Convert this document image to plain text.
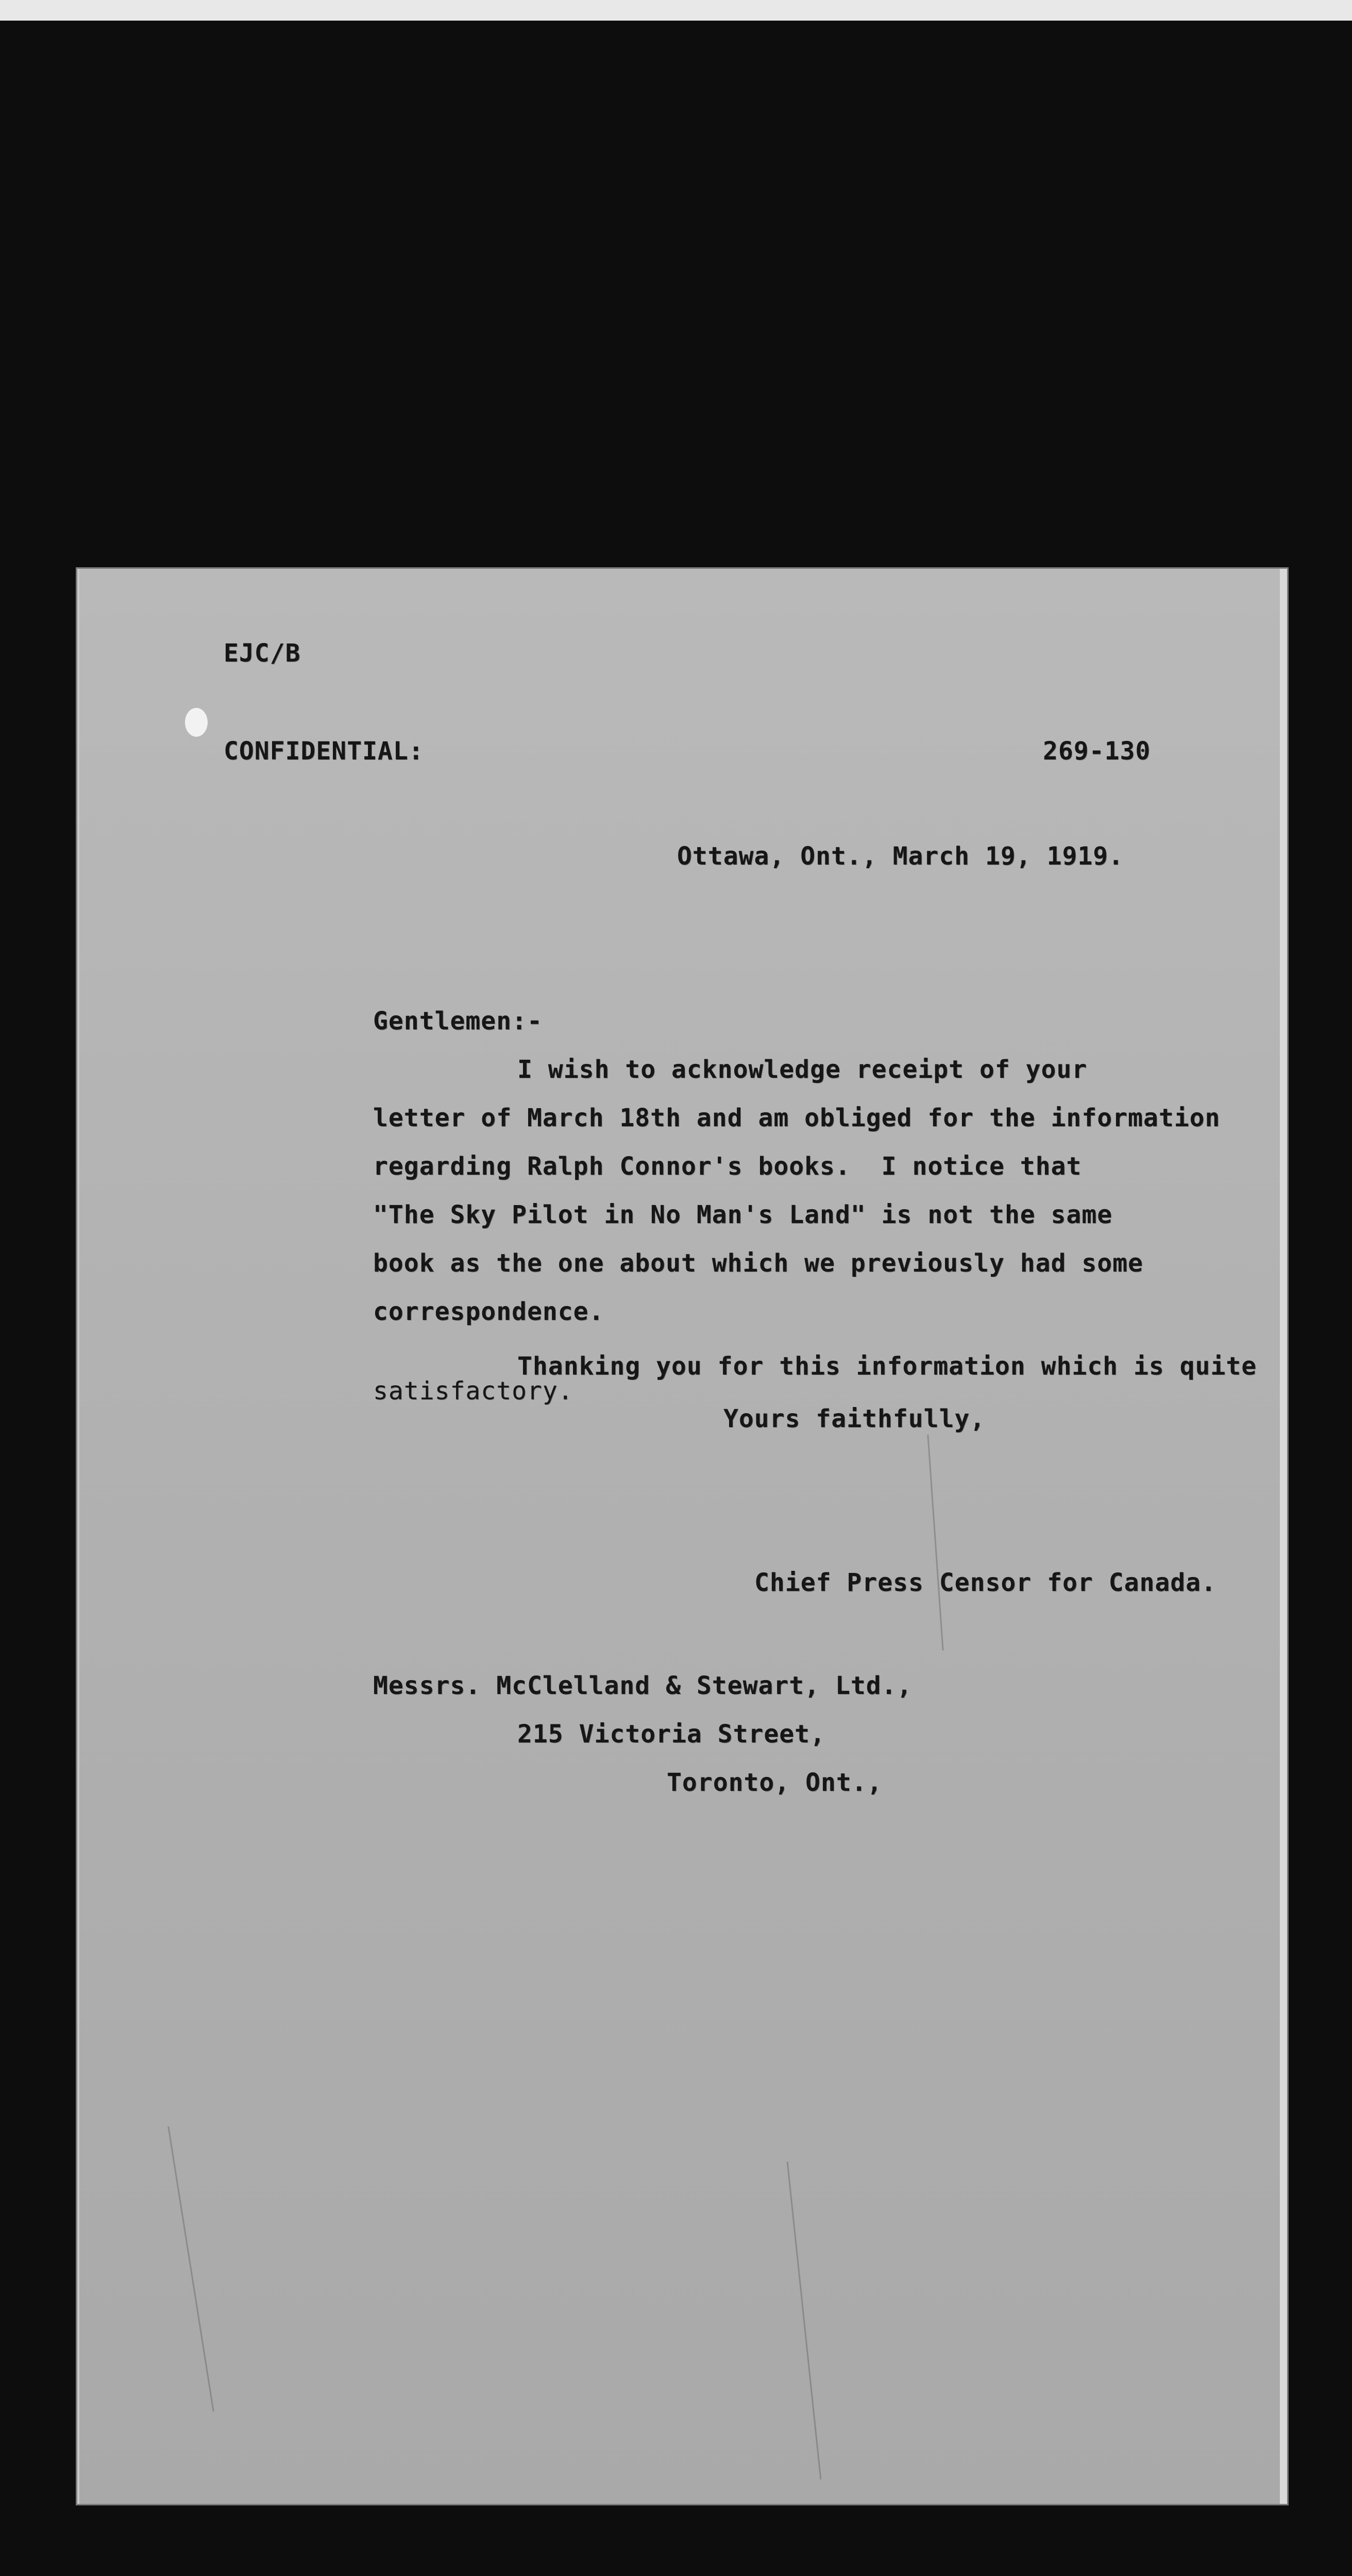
EJC/B
CONFIDENTIAL:	269-130
Ottawa, Ont., March 19, 1919.
Gentlemen:-
I wish to acknowledge receipt of your
letter of March 18th and am obliged for the information
regarding Ralph Connor's books.  I notice that
"The Sky Pilot in No Man's Land" is not the same
book as the one about which we previously had some
correspondence.
Thanking you for this information which is quite
satisfactory.
Yours faithfully,
Chief Press Censor for Canada.
Messrs. McClelland & Stewart, Ltd.,
215 Victoria Street,
Toronto, Ont.,
